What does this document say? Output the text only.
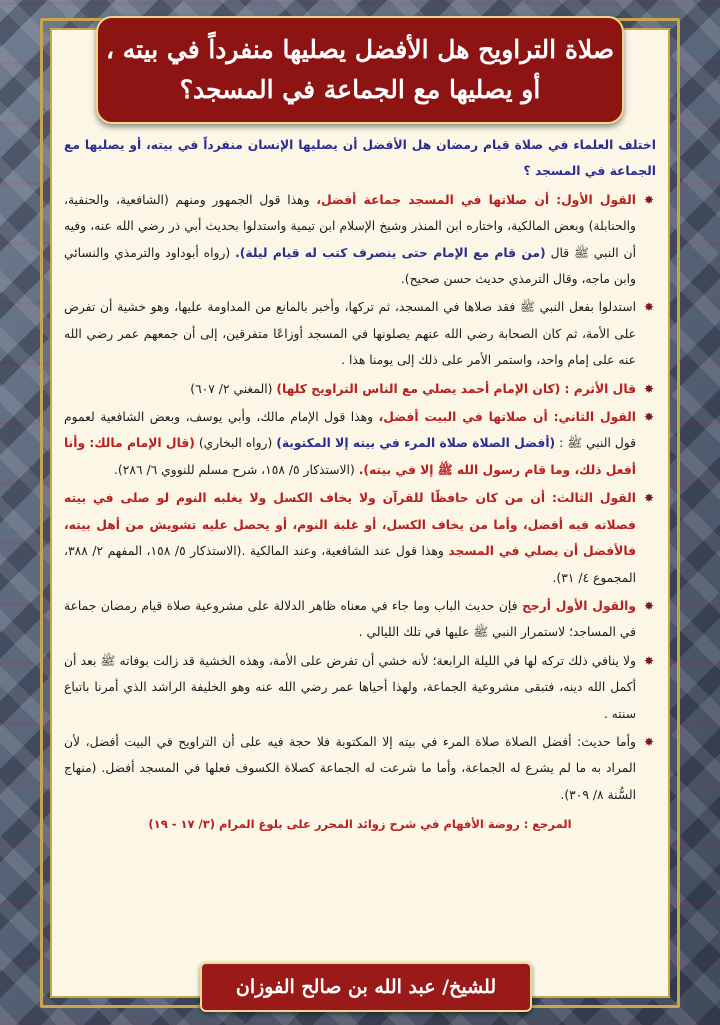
صلاة التراويح هل الأفضل يصليها منفرداً في بيته ،
أو يصليها مع الجماعة في المسجد؟

اختلف العلماء في صلاة قيام رمضان هل الأفضل أن يصليها الإنسان منفرداً في بيته، أو يصليها مع الجماعة في المسجد ؟

✸
القول الأول: أن صلاتها في المسجد جماعة أفضل، وهذا قول الجمهور ومنهم (الشافعية، والحنفية، والحنابلة) وبعض المالكية، واختاره ابن المنذر وشيخ الإسلام ابن تيمية واستدلوا بحديث أبي ذر رضي الله عنه، وفيه أن النبي ﷺ قال (من قام مع الإمام حتى ينصرف كتب له قيام ليلة). (رواه أبوداود والترمذي والنسائي وابن ماجه، وقال الترمذي حديث حسن صحيح).

✸
استدلوا بفعل النبي ﷺ فقد صلاها في المسجد، ثم تركها، وأخبر بالمانع من المداومة عليها، وهو خشية أن تفرض على الأمة، ثم كان الصحابة رضي الله عنهم يصلونها في المسجد أوزاعًا متفرقين، إلى أن جمعهم عمر رضي الله عنه على إمام واحد، واستمر الأمر على ذلك إلى يومنا هذا .

✸
قال الأثرم : (كان الإمام أحمد يصلي مع الناس التراويح كلها) (المغني ٢/ ٦٠٧)

✸
القول الثاني: أن صلاتها في البيت أفضل، وهذا قول الإمام مالك، وأبي يوسف، وبعض الشافعية لعموم قول النبي ﷺ : (أفضل الصلاة صلاة المرء في بيته إلا المكتوبة) (رواه البخاري) (قال الإمام مالك: وأنا أفعل ذلك، وما قام رسول الله ﷺ إلا في بيته). (الاستذكار ٥/ ١٥٨، شرح مسلم للنووي ٦/ ٢٨٦).

✸
القول الثالث: أن من كان حافظًا للقرآن ولا يخاف الكسل ولا يغلبه النوم لو صلى في بيته فصلاته فيه أفضل، وأما من يخاف الكسل، أو غلبة النوم، أو يحصل عليه تشويش من أهل بيته، فالأفضل أن يصلي في المسجد وهذا قول عند الشافعية، وعند المالكية .(الاستذكار ٥/ ١٥٨، المفهم ٢/ ٣٨٨، المجموع ٤/ ٣١).

✸
والقول الأول أرجح فإن حديث الباب وما جاء في معناه ظاهر الدلالة على مشروعية صلاة قيام رمضان جماعة في المساجد؛ لاستمرار النبي ﷺ عليها في تلك الليالي .

✸
ولا ينافي ذلك تركه لها في الليلة الرابعة؛ لأنه خشي أن تفرض على الأمة، وهذه الخشية قد زالت بوفاته ﷺ بعد أن أكمل الله دينه، فتبقى مشروعية الجماعة، ولهذا أحياها عمر رضي الله عنه وهو الخليفة الراشد الذي أمرنا باتباع سنته .

✸
وأما حديث: أفضل الصلاة صلاة المرء في بيته إلا المكتوبة فلا حجة فيه على أن التراويح في البيت أفضل، لأن المراد به ما لم يشرع له الجماعة، وأما ما شرعت له الجماعة كصلاة الكسوف فعلها في المسجد أفضل. (منهاج السُّنة ٨/ ٣٠٩).

المرجع : روضة الأفهام في شرح زوائد المحرر على بلوغ المرام (٣/ ١٧ - ١٩)

للشيخ/ عبد الله بن صالح الفوزان
